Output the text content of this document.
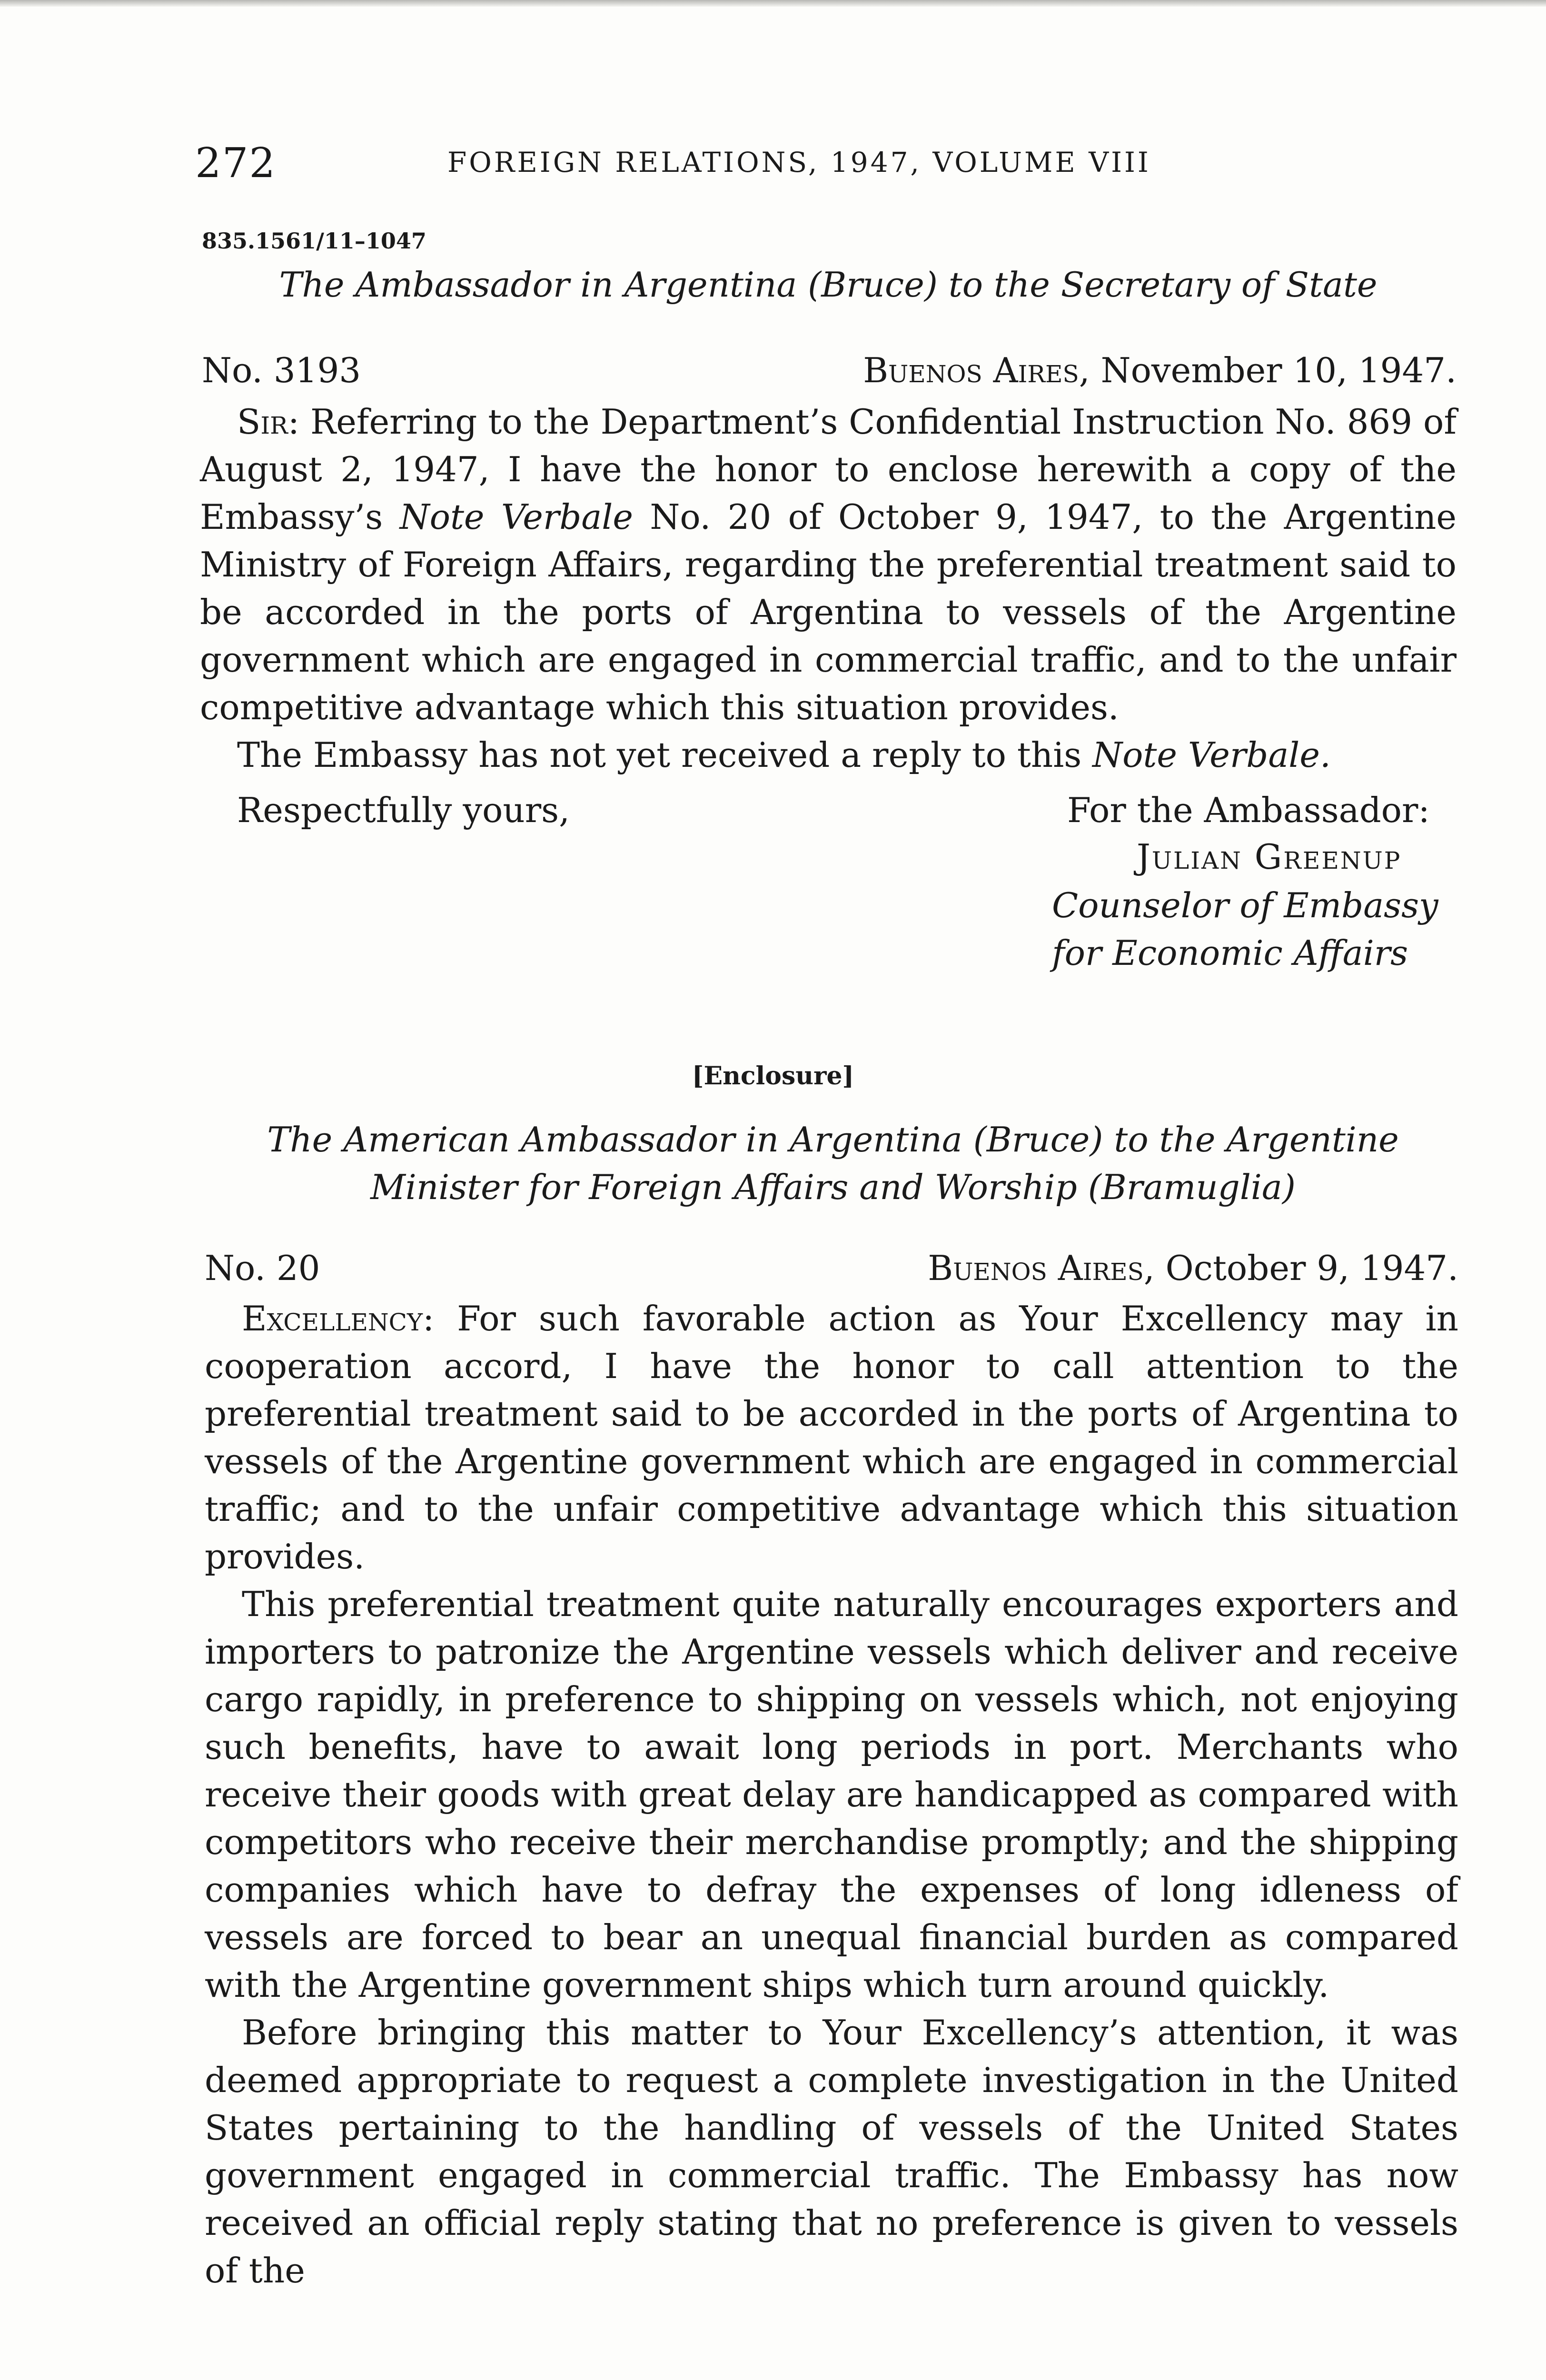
272	FOREIGN RELATIONS, 1947, VOLUME VIII
835.1561/11–1047
The Ambassador in Argentina (Bruce) to the Secretary of State
No. 3193	Buenos Aires, November 10, 1947.

Sir: Referring to the Department’s Confidential Instruction No. 869 of August 2, 1947, I have the honor to enclose herewith a copy of the Embassy’s Note Verbale No. 20 of October 9, 1947, to the Argentine Ministry of Foreign Affairs, regarding the preferential treatment said to be accorded in the ports of Argentina to vessels of the Argentine government which are engaged in commercial traffic, and to the unfair competitive advantage which this situation provides.

The Embassy has not yet received a reply to this Note Verbale.

Respectfully yours,	For the Ambassador:
Julian Greenup
Counselor of Embassy
for Economic Affairs
[Enclosure]
The American Ambassador in Argentina (Bruce) to the Argentine
Minister for Foreign Affairs and Worship (Bramuglia)
No. 20	Buenos Aires, October 9, 1947.

Excellency: For such favorable action as Your Excellency may in cooperation accord, I have the honor to call attention to the preferential treatment said to be accorded in the ports of Argentina to vessels of the Argentine government which are engaged in commercial traffic; and to the unfair competitive advantage which this situation provides.

This preferential treatment quite naturally encourages exporters and importers to patronize the Argentine vessels which deliver and receive cargo rapidly, in preference to shipping on vessels which, not enjoying such benefits, have to await long periods in port. Merchants who receive their goods with great delay are handicapped as compared with competitors who receive their merchandise promptly; and the shipping companies which have to defray the expenses of long idleness of vessels are forced to bear an unequal financial burden as compared with the Argentine government ships which turn around quickly.

Before bringing this matter to Your Excellency’s attention, it was deemed appropriate to request a complete investigation in the United States pertaining to the handling of vessels of the United States government engaged in commercial traffic. The Embassy has now received an official reply stating that no preference is given to vessels of the
